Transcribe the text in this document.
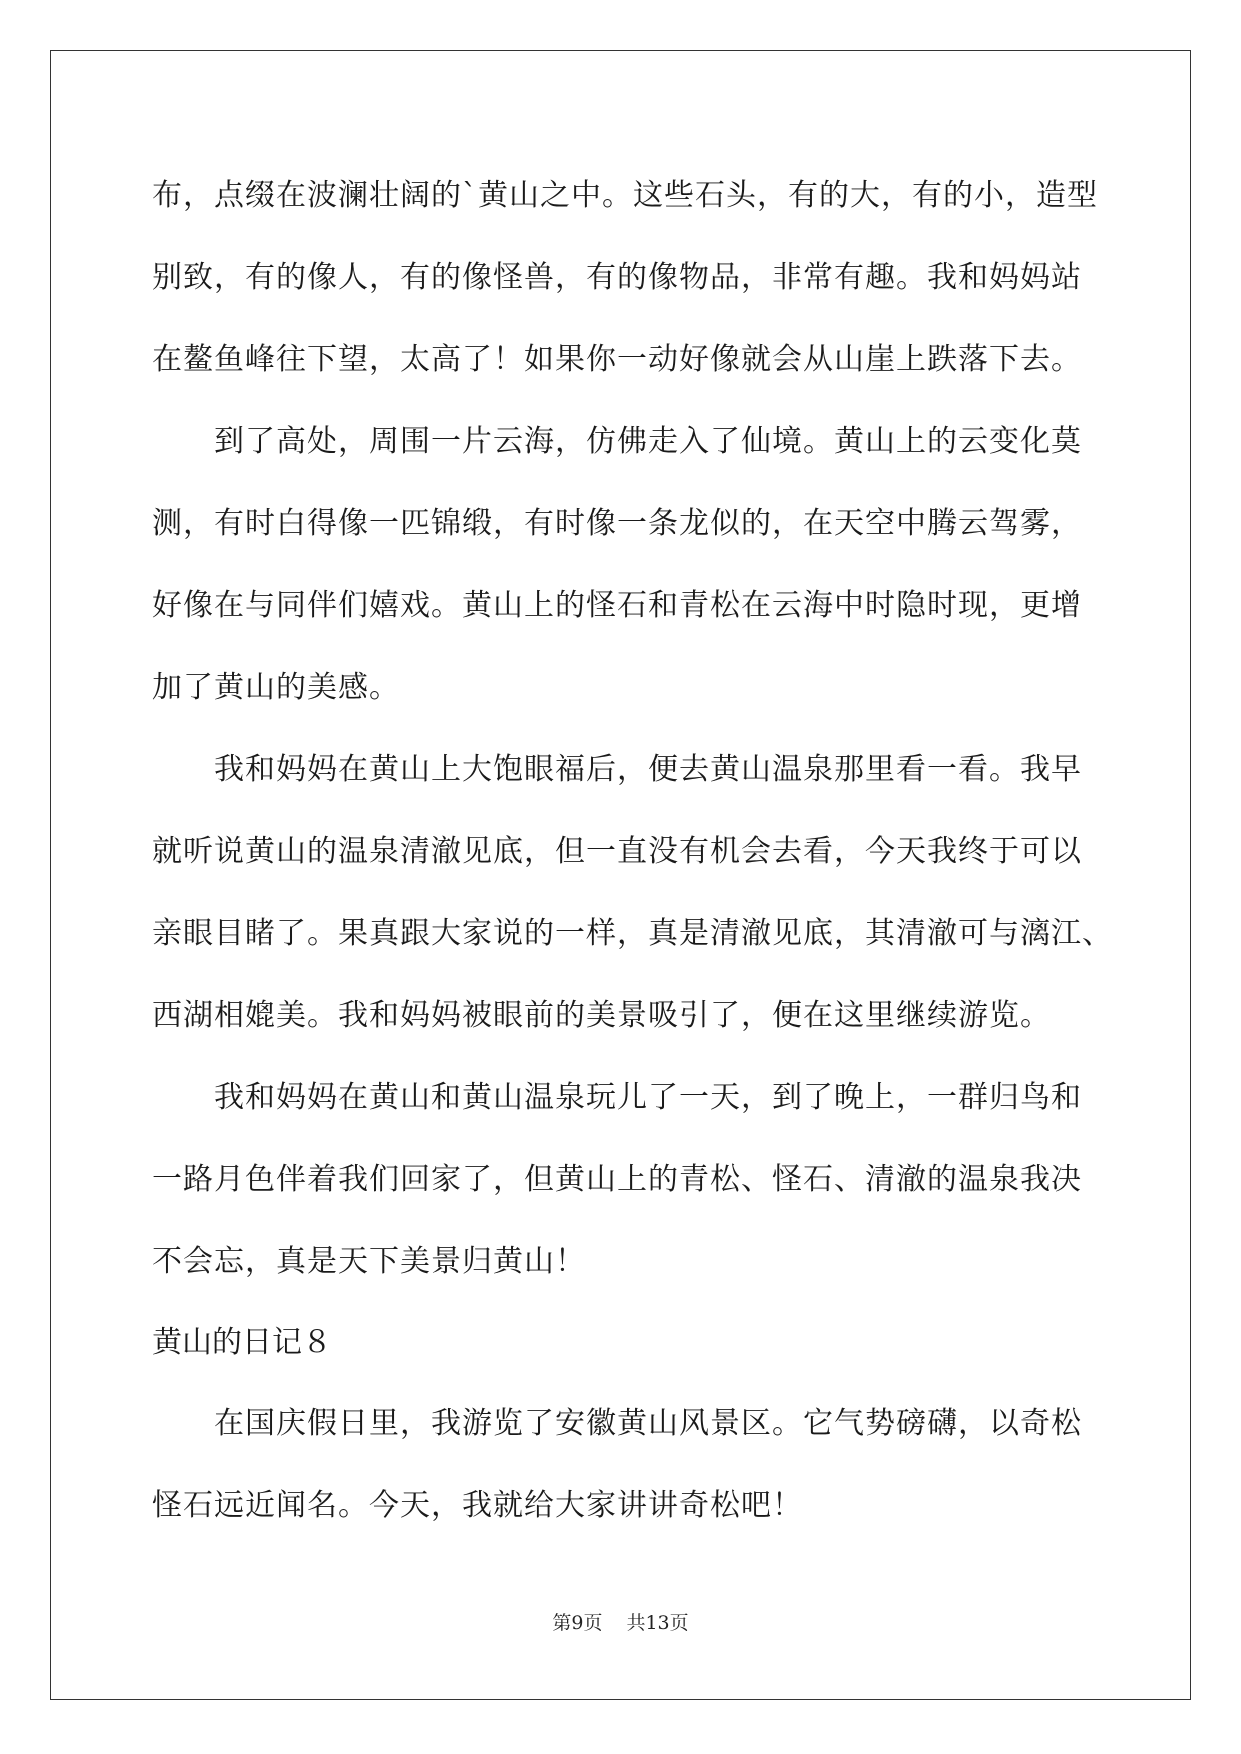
布，点缀在波澜壮阔的`黄山之中。这些石头，有的大，有的小，造型
别致，有的像人，有的像怪兽，有的像物品，非常有趣。我和妈妈站
在鳌鱼峰往下望，太高了！如果你一动好像就会从山崖上跌落下去。
到了高处，周围一片云海，仿佛走入了仙境。黄山上的云变化莫
测，有时白得像一匹锦缎，有时像一条龙似的，在天空中腾云驾雾，
好像在与同伴们嬉戏。黄山上的怪石和青松在云海中时隐时现，更增
加了黄山的美感。
我和妈妈在黄山上大饱眼福后，便去黄山温泉那里看一看。我早
就听说黄山的温泉清澈见底，但一直没有机会去看，今天我终于可以
亲眼目睹了。果真跟大家说的一样，真是清澈见底，其清澈可与漓江、
西湖相媲美。我和妈妈被眼前的美景吸引了，便在这里继续游览。
我和妈妈在黄山和黄山温泉玩儿了一天，到了晚上，一群归鸟和
一路月色伴着我们回家了，但黄山上的青松、怪石、清澈的温泉我决
不会忘，真是天下美景归黄山！
黄山的日记８
在国庆假日里，我游览了安徽黄山风景区。它气势磅礴，以奇松
怪石远近闻名。今天，我就给大家讲讲奇松吧！
第9页 共13页
